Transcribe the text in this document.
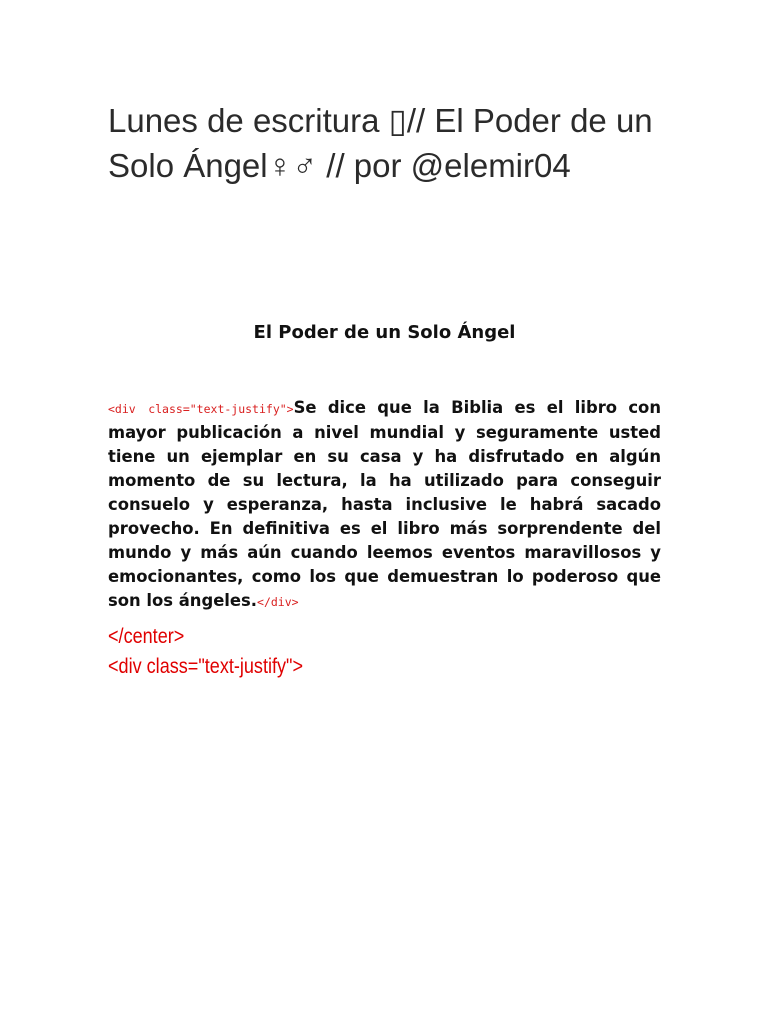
Lunes de escritura ▯// El Poder de un Solo Ángel♀♂ // por @elemir04
El Poder de un Solo Ángel

<div class="text-justify">Se dice que la Biblia es el libro con mayor publicación a nivel mundial y seguramente usted tiene un ejemplar en su casa y ha disfrutado en algún momento de su lectura, la ha utilizado para conseguir consuelo y esperanza, hasta inclusive le habrá sacado provecho. En definitiva es el libro más sorprendente del mundo y más aún cuando leemos eventos maravillosos y emocionantes, como los que demuestran lo poderoso que son los ángeles.</div>

</center>
<div class="text-justify">
